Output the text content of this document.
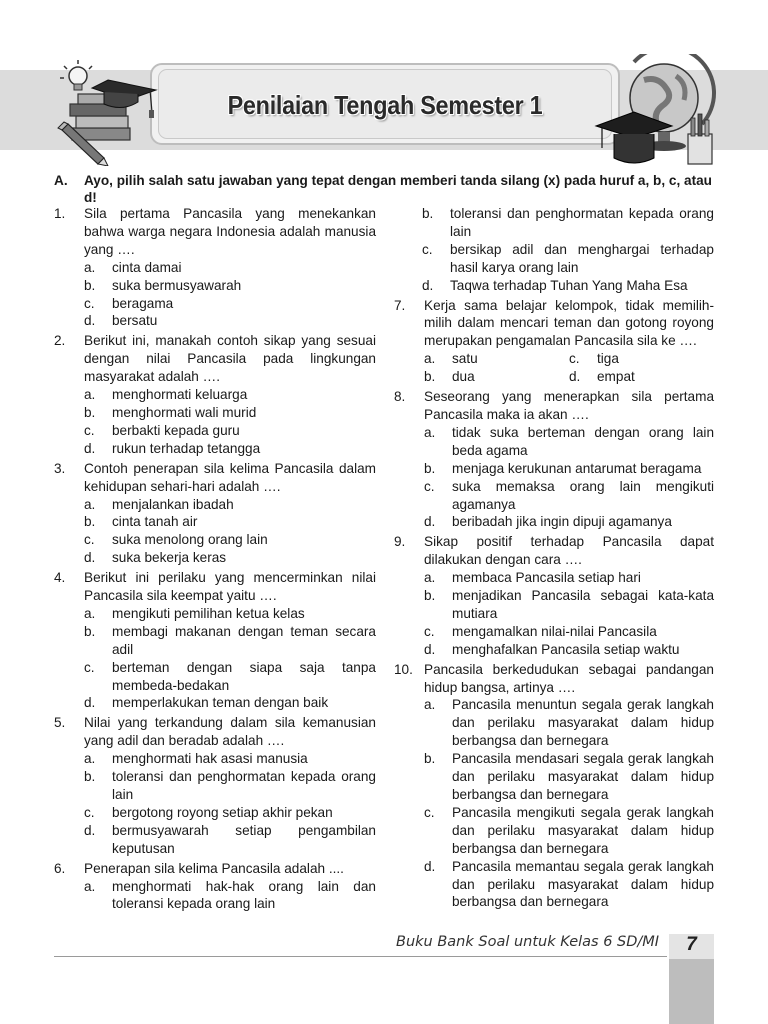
Penilaian Tengah Semester 1
A. Ayo, pilih salah satu jawaban yang tepat dengan memberi tanda silang (x) pada huruf a, b, c, atau d!
1. Sila pertama Pancasila yang menekankan bahwa warga negara Indonesia adalah manusia yang ….
a. cinta damai
b. suka bermusyawarah
c. beragama
d. bersatu
2. Berikut ini, manakah contoh sikap yang sesuai dengan nilai Pancasila pada lingkungan masyarakat adalah ….
a. menghormati keluarga
b. menghormati wali murid
c. berbakti kepada guru
d. rukun terhadap tetangga
3. Contoh penerapan sila kelima Pancasila dalam kehidupan sehari-hari adalah ….
a. menjalankan ibadah
b. cinta tanah air
c. suka menolong orang lain
d. suka bekerja keras
4. Berikut ini perilaku yang mencerminkan nilai Pancasila sila keempat yaitu ….
a. mengikuti pemilihan ketua kelas
b. membagi makanan dengan teman secara adil
c. berteman dengan siapa saja tanpa membeda-bedakan
d. memperlakukan teman dengan baik
5. Nilai yang terkandung dalam sila kemanusian yang adil dan beradab adalah ….
a. menghormati hak asasi manusia
b. toleransi dan penghormatan kepada orang lain
c. bergotong royong setiap akhir pekan
d. bermusyawarah setiap pengambilan keputusan
6. Penerapan sila kelima Pancasila adalah ....
a. menghormati hak-hak orang lain dan toleransi kepada orang lain
b. toleransi dan penghormatan kepada orang lain
c. bersikap adil dan menghargai terhadap hasil karya orang lain
d. Taqwa terhadap Tuhan Yang Maha Esa
7. Kerja sama belajar kelompok, tidak memilih-milih dalam mencari teman dan gotong royong merupakan pengamalan Pancasila sila ke ….
a. satu	c. tiga
b. dua	d. empat
8. Seseorang yang menerapkan sila pertama Pancasila maka ia akan ….
a. tidak suka berteman dengan orang lain beda agama
b. menjaga kerukunan antarumat beragama
c. suka memaksa orang lain mengikuti agamanya
d. beribadah jika ingin dipuji agamanya
9. Sikap positif terhadap Pancasila dapat dilakukan dengan cara ….
a. membaca Pancasila setiap hari
b. menjadikan Pancasila sebagai kata-kata mutiara
c. mengamalkan nilai-nilai Pancasila
d. menghafalkan Pancasila setiap waktu
10. Pancasila berkedudukan sebagai pandangan hidup bangsa, artinya ….
a. Pancasila menuntun segala gerak langkah dan perilaku masyarakat dalam hidup berbangsa dan bernegara
b. Pancasila mendasari segala gerak langkah dan perilaku masyarakat dalam hidup berbangsa dan bernegara
c. Pancasila mengikuti segala gerak langkah dan perilaku masyarakat dalam hidup berbangsa dan bernegara
d. Pancasila memantau segala gerak langkah dan perilaku masyarakat dalam hidup berbangsa dan bernegara
Buku Bank Soal untuk Kelas 6 SD/MI	7
